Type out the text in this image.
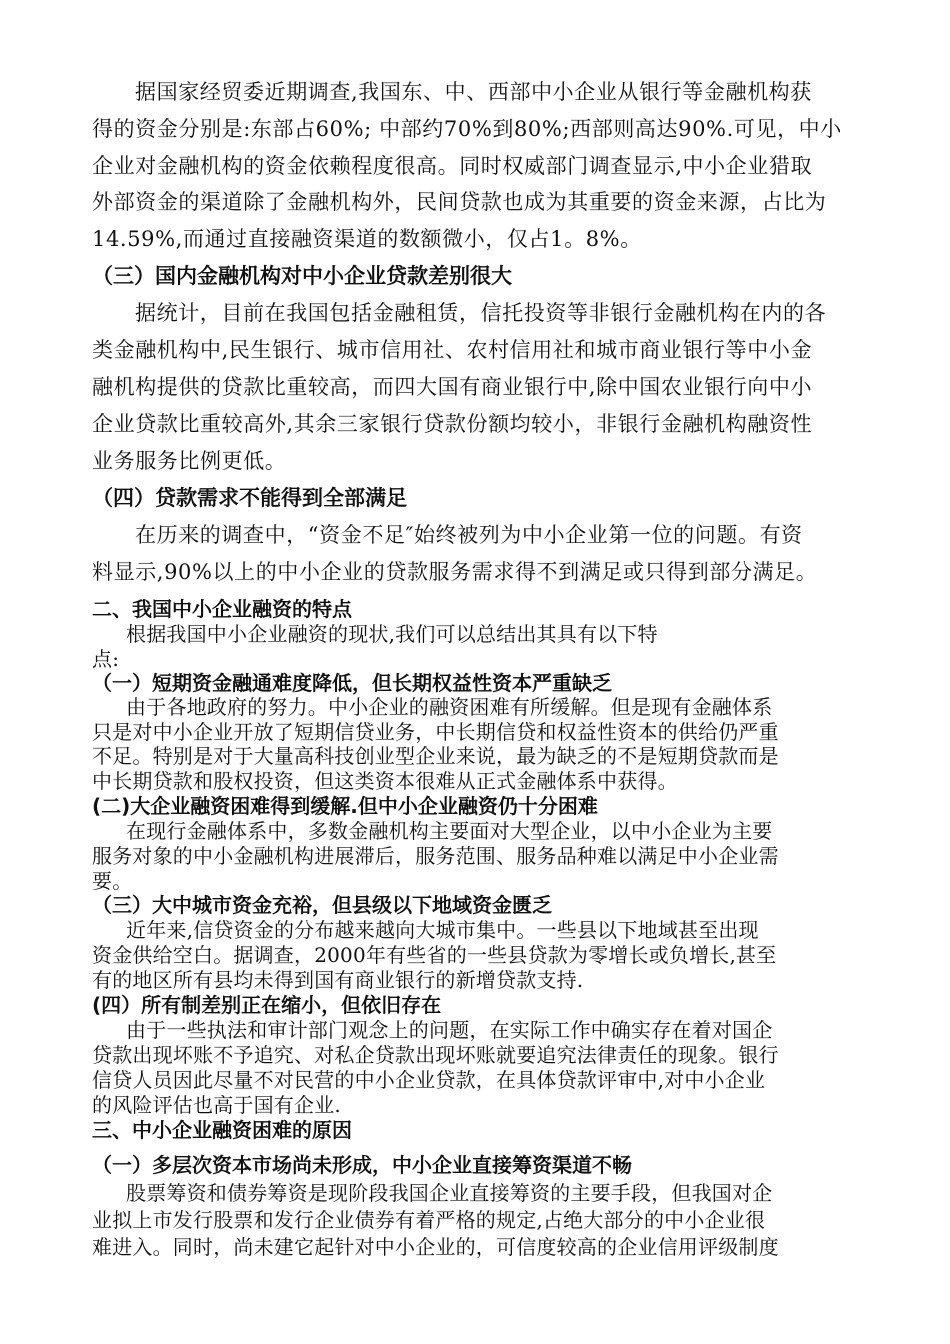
据国家经贸委近期调查,我国东、中、西部中小企业从银行等金融机构获
得的资金分别是:东部占60%; 中部约70%到80%;西部则高达90%.可见，中小
企业对金融机构的资金依赖程度很高。同时权威部门调查显示,中小企业猎取
外部资金的渠道除了金融机构外，民间贷款也成为其重要的资金来源，占比为
14.59%,而通过直接融资渠道的数额微小，仅占1。8%。
（三）国内金融机构对中小企业贷款差别很大
据统计，目前在我国包括金融租赁，信托投资等非银行金融机构在内的各
类金融机构中,民生银行、城市信用社、农村信用社和城市商业银行等中小金
融机构提供的贷款比重较高，而四大国有商业银行中,除中国农业银行向中小
企业贷款比重较高外,其余三家银行贷款份额均较小，非银行金融机构融资性
业务服务比例更低。
（四）贷款需求不能得到全部满足
在历来的调查中，“资金不足″始终被列为中小企业第一位的问题。有资
料显示,90%以上的中小企业的贷款服务需求得不到满足或只得到部分满足。
二、我国中小企业融资的特点
根据我国中小企业融资的现状,我们可以总结出其具有以下特
点:
（一）短期资金融通难度降低，但长期权益性资本严重缺乏
由于各地政府的努力。中小企业的融资困难有所缓解。但是现有金融体系
只是对中小企业开放了短期信贷业务，中长期信贷和权益性资本的供给仍严重
不足。特别是对于大量高科技创业型企业来说，最为缺乏的不是短期贷款而是
中长期贷款和股权投资，但这类资本很难从正式金融体系中获得。
(二)大企业融资困难得到缓解.但中小企业融资仍十分困难
在现行金融体系中，多数金融机构主要面对大型企业，以中小企业为主要
服务对象的中小金融机构进展滞后，服务范围、服务品种难以满足中小企业需
要。
（三）大中城市资金充裕，但县级以下地域资金匮乏
近年来,信贷资金的分布越来越向大城市集中。一些县以下地域甚至出现
资金供给空白。据调查，2000年有些省的一些县贷款为零增长或负增长,甚至
有的地区所有县均未得到国有商业银行的新增贷款支持.
(四）所有制差别正在缩小，但依旧存在
由于一些执法和审计部门观念上的问题，在实际工作中确实存在着对国企
贷款出现坏账不予追究、对私企贷款出现坏账就要追究法律责任的现象。银行
信贷人员因此尽量不对民营的中小企业贷款，在具体贷款评审中,对中小企业
的风险评估也高于国有企业.
三、中小企业融资困难的原因
（一）多层次资本市场尚未形成，中小企业直接筹资渠道不畅
股票筹资和债券筹资是现阶段我国企业直接筹资的主要手段，但我国对企
业拟上市发行股票和发行企业债券有着严格的规定,占绝大部分的中小企业很
难进入。同时，尚未建它起针对中小企业的，可信度较高的企业信用评级制度
